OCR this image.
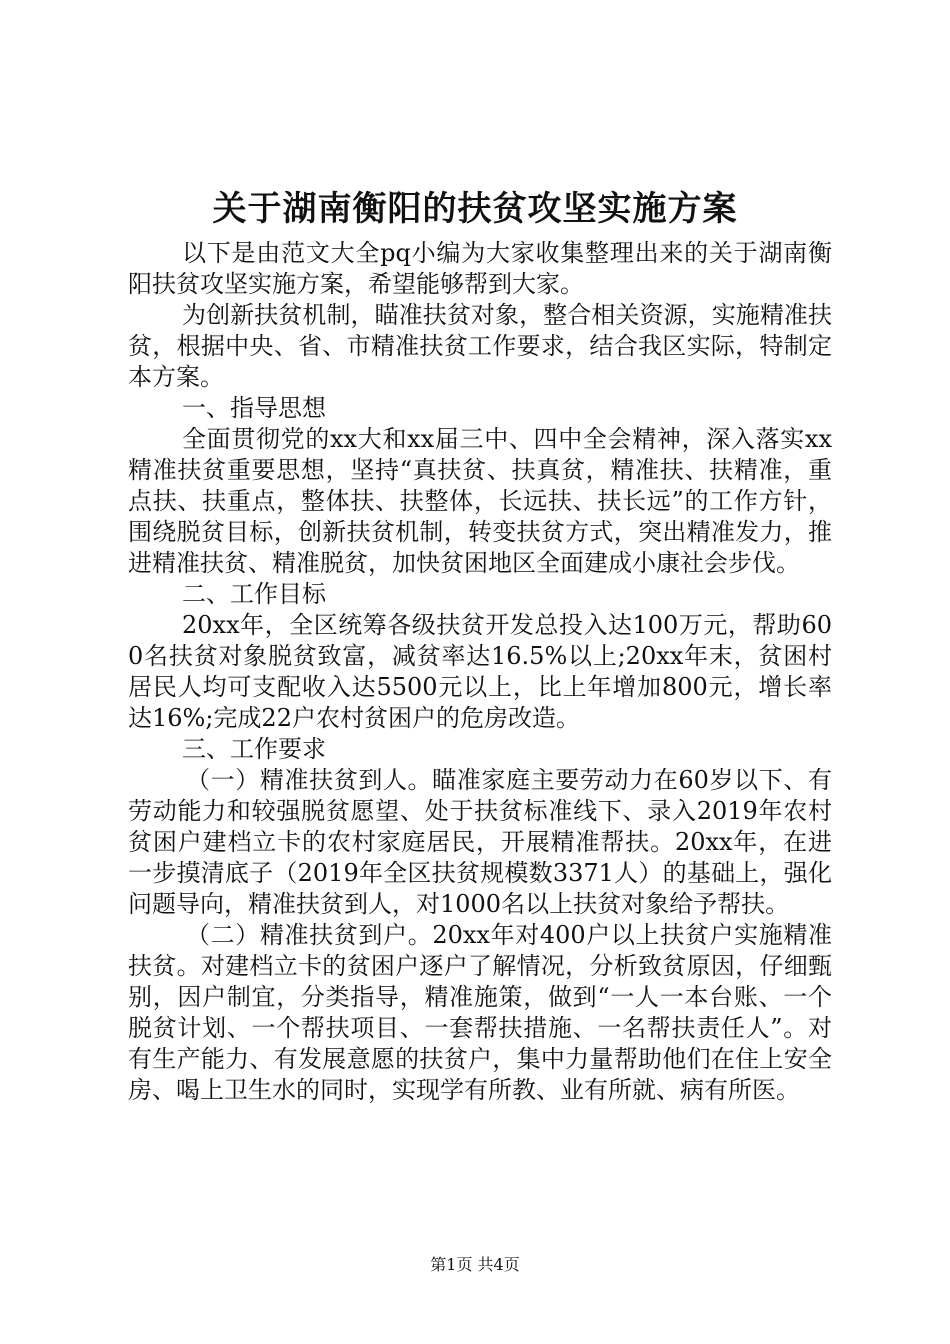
关于湖南衡阳的扶贫攻坚实施方案

以下是由范文大全pq小编为大家收集整理出来的关于湖南衡阳扶贫攻坚实施方案，希望能够帮到大家。

为创新扶贫机制，瞄准扶贫对象，整合相关资源，实施精准扶贫，根据中央、省、市精准扶贫工作要求，结合我区实际，特制定本方案。

一、指导思想

全面贯彻党的xx大和xx届三中、四中全会精神，深入落实xx精准扶贫重要思想，坚持“真扶贫、扶真贫，精准扶、扶精准，重点扶、扶重点，整体扶、扶整体，长远扶、扶长远”的工作方针，围绕脱贫目标，创新扶贫机制，转变扶贫方式，突出精准发力，推进精准扶贫、精准脱贫，加快贫困地区全面建成小康社会步伐。

二、工作目标

20xx年，全区统筹各级扶贫开发总投入达100万元，帮助600名扶贫对象脱贫致富，减贫率达16.5%以上;20xx年末，贫困村居民人均可支配收入达5500元以上，比上年增加800元，增长率达16%;完成22户农村贫困户的危房改造。

三、工作要求

（一）精准扶贫到人。瞄准家庭主要劳动力在60岁以下、有劳动能力和较强脱贫愿望、处于扶贫标准线下、录入2019年农村贫困户建档立卡的农村家庭居民，开展精准帮扶。20xx年，在进一步摸清底子（2019年全区扶贫规模数3371人）的基础上，强化问题导向，精准扶贫到人，对1000名以上扶贫对象给予帮扶。

（二）精准扶贫到户。20xx年对400户以上扶贫户实施精准扶贫。对建档立卡的贫困户逐户了解情况，分析致贫原因，仔细甄别，因户制宜，分类指导，精准施策，做到“一人一本台账、一个脱贫计划、一个帮扶项目、一套帮扶措施、一名帮扶责任人”。对有生产能力、有发展意愿的扶贫户，集中力量帮助他们在住上安全房、喝上卫生水的同时，实现学有所教、业有所就、病有所医。

第1页 共4页
